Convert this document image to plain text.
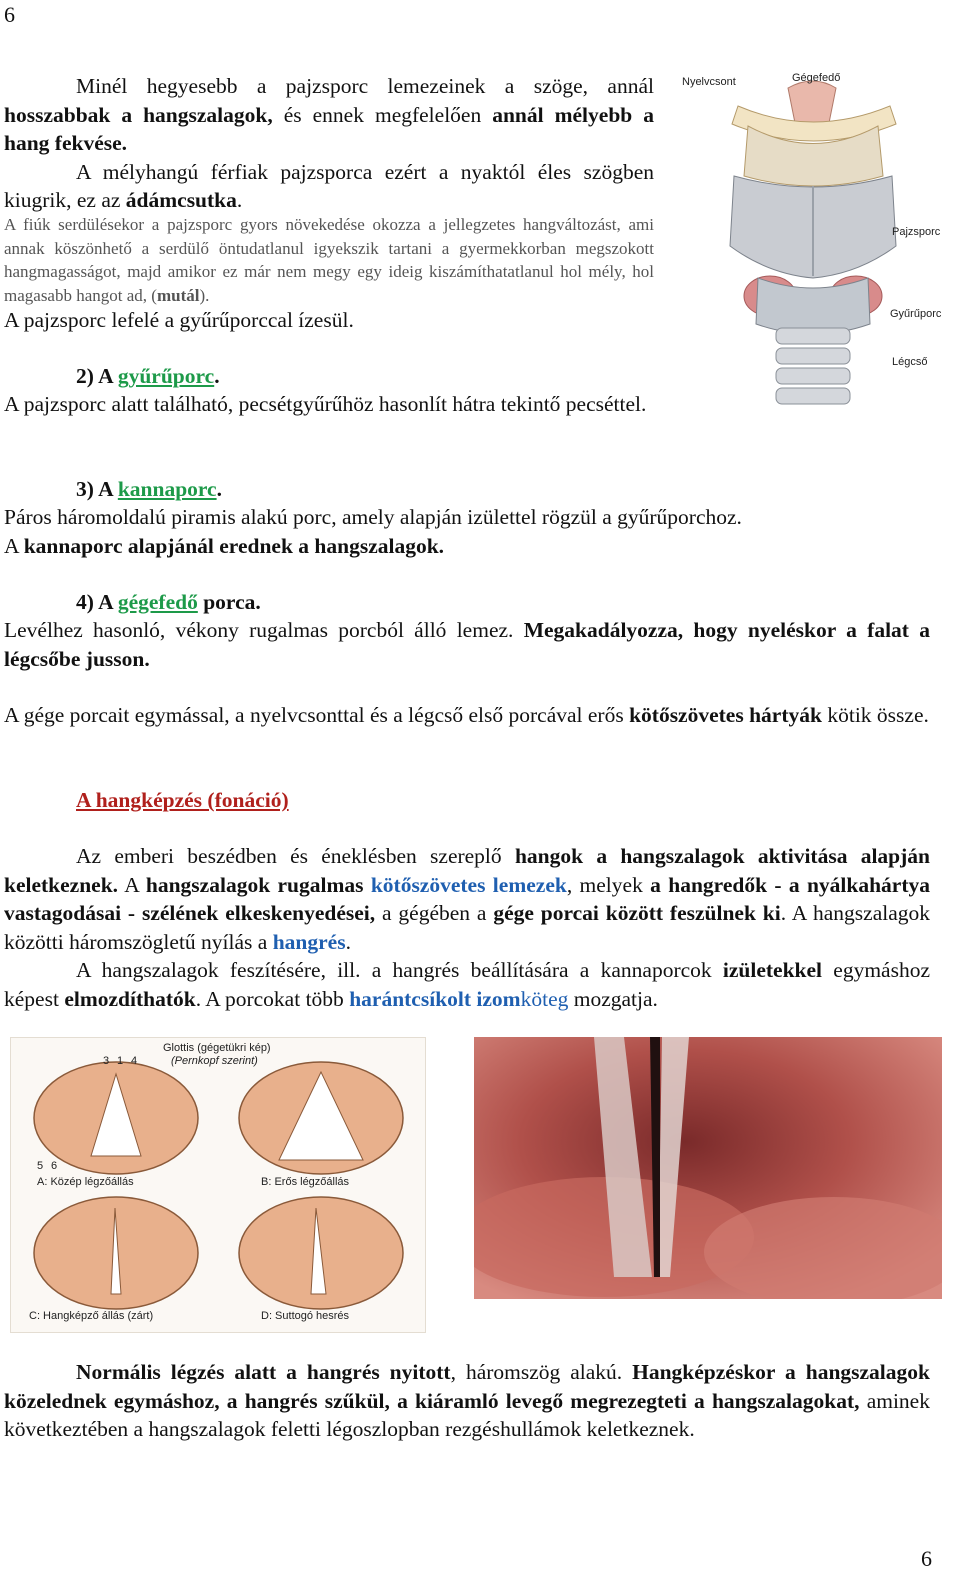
6
6
Minél hegyesebb a pajzsporc lemezeinek a szöge, annál hosszabbak a hangszalagok, és ennek megfelelően annál mélyebb a hang fekvése.
A mélyhangú férfiak pajzsporca ezért a nyaktól éles szögben kiugrik, ez az ádámcsutka.
A fiúk serdülésekor a pajzsporc gyors növekedése okozza a jellegzetes hangváltozást, ami annak köszönhető a serdülő öntudatlanul igyekszik tartani a gyermekkorban megszokott hangmagasságot, majd amikor ez már nem megy egy ideig kiszámíthatatlanul hol mély, hol magasabb hangot ad, (mutál).
A pajzsporc lefelé a gyűrűporccal ízesül.
Nyelvcsont	Gégefedő
Pajzsporc
Gyűrűporc
Légcső
2) A gyűrűporc.
A pajzsporc alatt található, pecsétgyűrűhöz hasonlít hátra tekintő pecséttel.
3) A kannaporc.
Páros háromoldalú piramis alakú porc, amely alapján izülettel rögzül a gyűrűporchoz.
A kannaporc alapjánál erednek a hangszalagok.
4) A gégefedő porca.
Levélhez hasonló, vékony rugalmas porcból álló lemez. Megakadályozza, hogy nyeléskor a falat a légcsőbe jusson.
A gége porcait egymással, a nyelvcsonttal és a légcső első porcával erős kötőszövetes hártyák kötik össze.
A hangképzés (fonáció)
Az emberi beszédben és éneklésben szereplő hangok a hangszalagok aktivitása alapján keletkeznek. A hangszalagok rugalmas kötőszövetes lemezek, melyek a hangredők - a nyálkahártya vastagodásai - szélének elkeskenyedései, a gégében a gége porcai között feszülnek ki. A hangszalagok közötti háromszögletű nyílás a hangrés.
A hangszalagok feszítésére, ill. a hangrés beállítására a kannaporcok izületekkel egymáshoz képest elmozdíthatók. A porcokat több harántcsíkolt izomköteg mozgatja.
Glottis (gégetükri kép)
(Pernkopf szerint)
3 1 4
5 6
A: Közép légzőállás	B: Erős légzőállás
C: Hangképző állás (zárt)	D: Suttogó hesrés
Normális légzés alatt a hangrés nyitott, háromszög alakú. Hangképzéskor a hangszalagok közelednek egymáshoz, a hangrés szűkül, a kiáramló levegő megrezegteti a hangszalagokat, aminek következtében a hangszalagok feletti légoszlopban rezgéshullámok keletkeznek.
